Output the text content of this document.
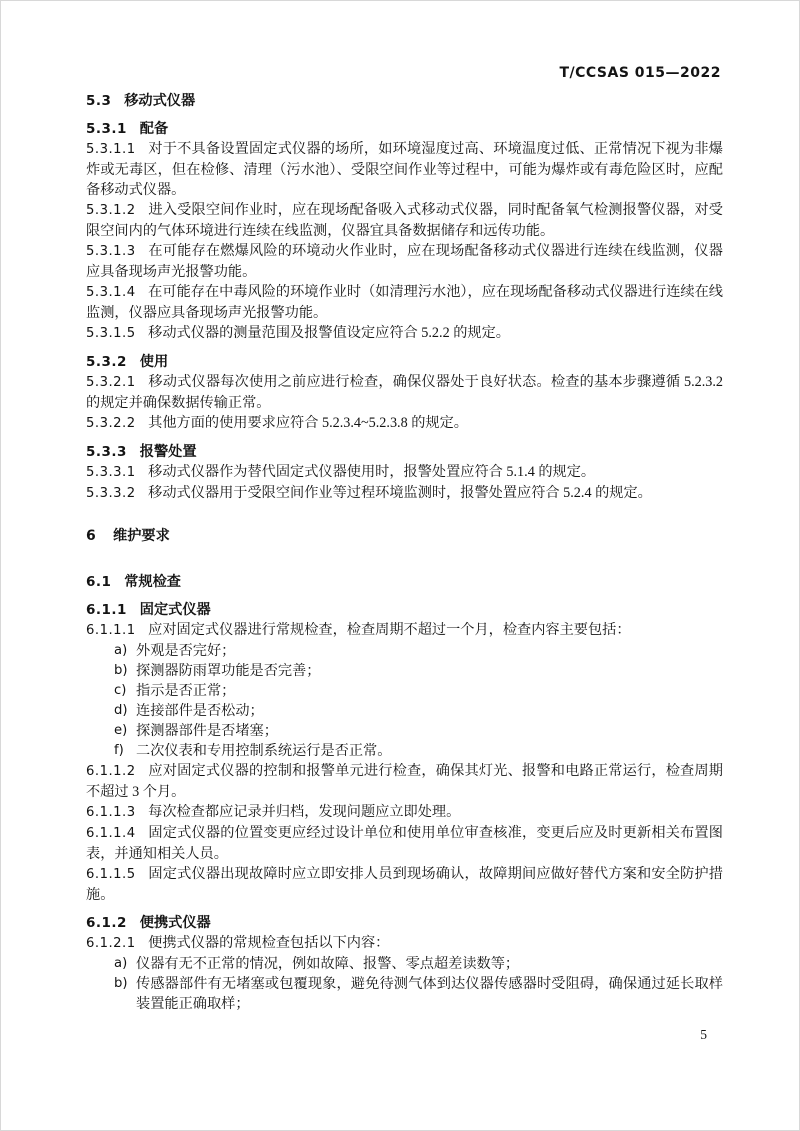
T/CCSAS 015—2022
5.3 移动式仪器
5.3.1 配备
5.3.1.1 对于不具备设置固定式仪器的场所，如环境湿度过高、环境温度过低、正常情况下视为非爆炸或无毒区，但在检修、清理（污水池）、受限空间作业等过程中，可能为爆炸或有毒危险区时，应配备移动式仪器。
5.3.1.2 进入受限空间作业时，应在现场配备吸入式移动式仪器，同时配备氧气检测报警仪器，对受限空间内的气体环境进行连续在线监测，仪器宜具备数据储存和远传功能。
5.3.1.3 在可能存在燃爆风险的环境动火作业时，应在现场配备移动式仪器进行连续在线监测，仪器应具备现场声光报警功能。
5.3.1.4 在可能存在中毒风险的环境作业时（如清理污水池），应在现场配备移动式仪器进行连续在线监测，仪器应具备现场声光报警功能。
5.3.1.5 移动式仪器的测量范围及报警值设定应符合 5.2.2 的规定。
5.3.2 使用
5.3.2.1 移动式仪器每次使用之前应进行检查，确保仪器处于良好状态。检查的基本步骤遵循 5.2.3.2 的规定并确保数据传输正常。
5.3.2.2 其他方面的使用要求应符合 5.2.3.4~5.2.3.8 的规定。
5.3.3 报警处置
5.3.3.1 移动式仪器作为替代固定式仪器使用时，报警处置应符合 5.1.4 的规定。
5.3.3.2 移动式仪器用于受限空间作业等过程环境监测时，报警处置应符合 5.2.4 的规定。
6 维护要求
6.1 常规检查
6.1.1 固定式仪器
6.1.1.1 应对固定式仪器进行常规检查，检查周期不超过一个月，检查内容主要包括：
a) 外观是否完好；
b) 探测器防雨罩功能是否完善；
c) 指示是否正常；
d) 连接部件是否松动；
e) 探测器部件是否堵塞；
f) 二次仪表和专用控制系统运行是否正常。
6.1.1.2 应对固定式仪器的控制和报警单元进行检查，确保其灯光、报警和电路正常运行，检查周期不超过 3 个月。
6.1.1.3 每次检查都应记录并归档，发现问题应立即处理。
6.1.1.4 固定式仪器的位置变更应经过设计单位和使用单位审查核准，变更后应及时更新相关布置图表，并通知相关人员。
6.1.1.5 固定式仪器出现故障时应立即安排人员到现场确认，故障期间应做好替代方案和安全防护措施。
6.1.2 便携式仪器
6.1.2.1 便携式仪器的常规检查包括以下内容：
a) 仪器有无不正常的情况，例如故障、报警、零点超差读数等；
b) 传感器部件有无堵塞或包覆现象，避免待测气体到达仪器传感器时受阻碍，确保通过延长取样装置能正确取样；
5
